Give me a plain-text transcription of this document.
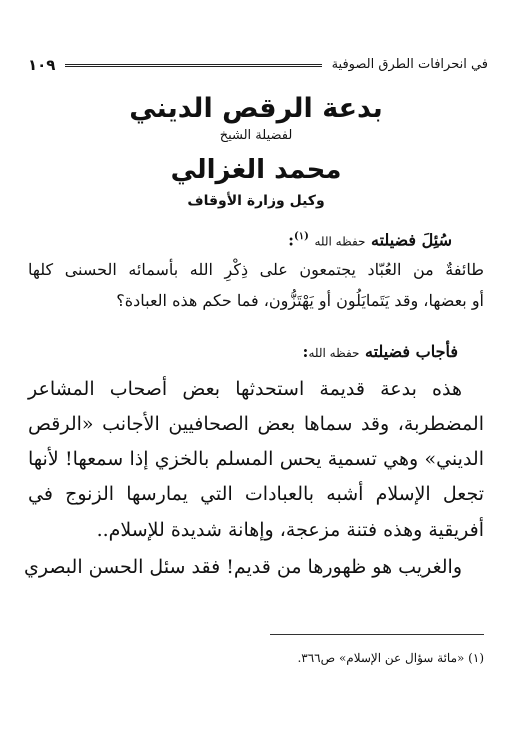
في انحرافات الطرق الصوفية
١٠٩
بدعة الرقص الديني
لفضيلة الشيخ
محمد الغزالي
وكيل وزارة الأوقاف
سُئِلَ فضيلته حفظه الله $^{(١)}$:
طائفةٌ من العُبّاد يجتمعون على ذِكْرِ الله بأسمائه الحسنى كلها
أو بعضها، وقد يَتَمايَلُون أو يَهْتَزُّون، فما حكم هذه العبادة؟
فأجاب فضيلته حفظه الله:
هذه بدعة قديمة استحدثها بعض أصحاب المشاعر
المضطربة، وقد سماها بعض الصحافيين الأجانب «الرقص
الديني» وهي تسمية يحس المسلم بالخزي إذا سمعها! لأنها
تجعل الإسلام أشبه بالعبادات التي يمارسها الزنوج في
أفريقية وهذه فتنة مزعجة، وإهانة شديدة للإسلام..
والغريب هو ظهورها من قديم! فقد سئل الحسن البصري
(١) «مائة سؤال عن الإسلام» ص٣٦٦.
